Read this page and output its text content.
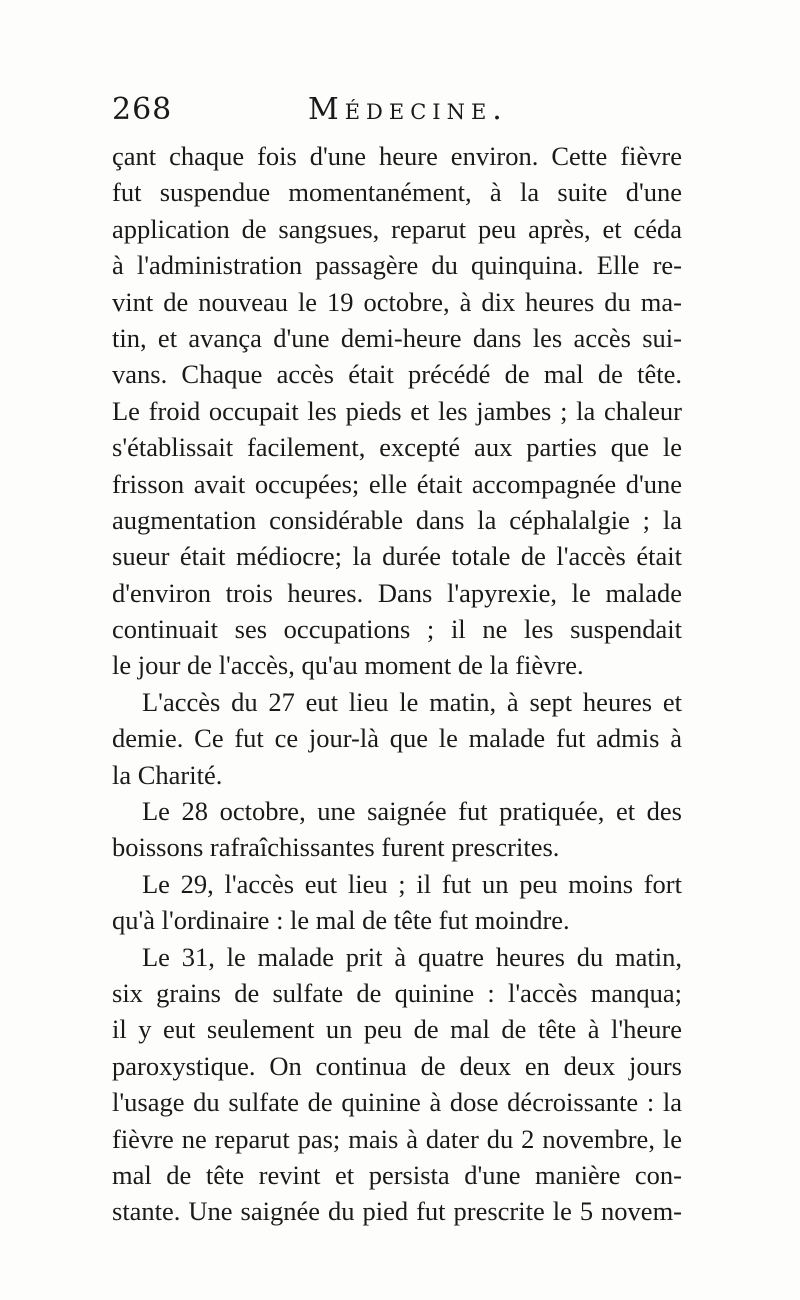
268	Médecine.
çant chaque fois d'une heure environ. Cette fièvre
fut suspendue momentanément, à la suite d'une
application de sangsues, reparut peu après, et céda
à l'administration passagère du quinquina. Elle re-
vint de nouveau le 19 octobre, à dix heures du ma-
tin, et avança d'une demi-heure dans les accès sui-
vans. Chaque accès était précédé de mal de tête.
Le froid occupait les pieds et les jambes ; la chaleur
s'établissait facilement, excepté aux parties que le
frisson avait occupées; elle était accompagnée d'une
augmentation considérable dans la céphalalgie ; la
sueur était médiocre; la durée totale de l'accès était
d'environ trois heures. Dans l'apyrexie, le malade
continuait ses occupations ; il ne les suspendait
le jour de l'accès, qu'au moment de la fièvre.
L'accès du 27 eut lieu le matin, à sept heures et
demie. Ce fut ce jour-là que le malade fut admis à
la Charité.
Le 28 octobre, une saignée fut pratiquée, et des
boissons rafraîchissantes furent prescrites.
Le 29, l'accès eut lieu ; il fut un peu moins fort
qu'à l'ordinaire : le mal de tête fut moindre.
Le 31, le malade prit à quatre heures du matin,
six grains de sulfate de quinine : l'accès manqua;
il y eut seulement un peu de mal de tête à l'heure
paroxystique. On continua de deux en deux jours
l'usage du sulfate de quinine à dose décroissante : la
fièvre ne reparut pas; mais à dater du 2 novembre, le
mal de tête revint et persista d'une manière con-
stante. Une saignée du pied fut prescrite le 5 novem-
